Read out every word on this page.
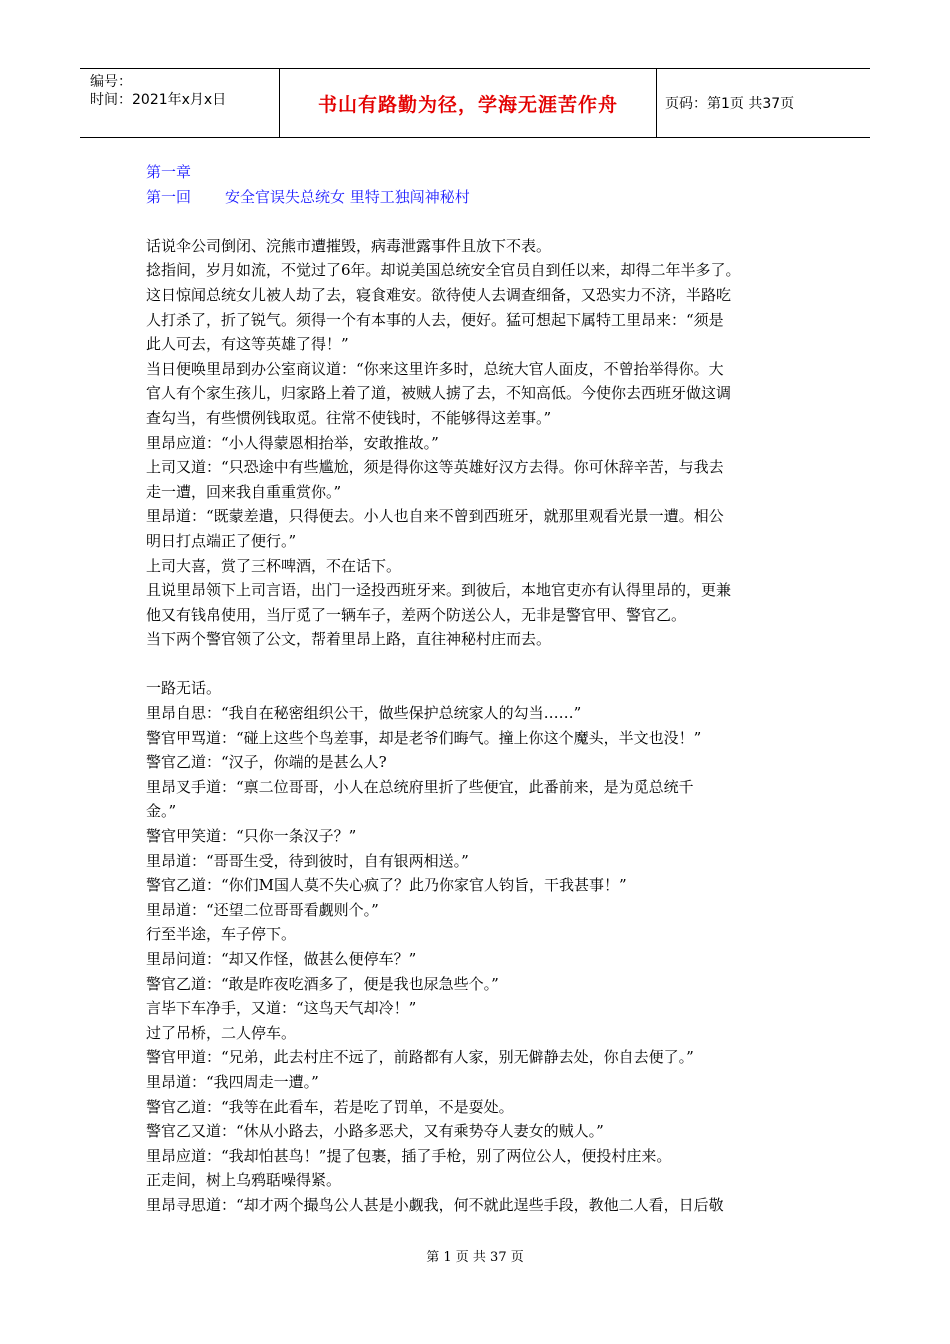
编号：
时间：2021年x月x日	书山有路勤为径，学海无涯苦作舟	页码：第1页 共37页
第一章
第一回 安全官误失总统女 里特工独闯神秘村
话说伞公司倒闭、浣熊市遭摧毁，病毒泄露事件且放下不表。
捻指间，岁月如流，不觉过了6年。却说美国总统安全官员自到任以来，却得二年半多了。
这日惊闻总统女儿被人劫了去，寝食难安。欲待使人去调查细备，又恐实力不济，半路吃
人打杀了，折了锐气。须得一个有本事的人去，便好。猛可想起下属特工里昂来：“须是
此人可去，有这等英雄了得！”
当日便唤里昂到办公室商议道：“你来这里许多时，总统大官人面皮，不曾抬举得你。大
官人有个家生孩儿，归家路上着了道，被贼人掳了去，不知高低。今使你去西班牙做这调
查勾当，有些惯例钱取觅。往常不使钱时，不能够得这差事。”
里昂应道：“小人得蒙恩相抬举，安敢推故。”
上司又道：“只恐途中有些尴尬，须是得你这等英雄好汉方去得。你可休辞辛苦，与我去
走一遭，回来我自重重赏你。”
里昂道：“既蒙差遣，只得便去。小人也自来不曾到西班牙，就那里观看光景一遭。相公
明日打点端正了便行。”
上司大喜，赏了三杯啤酒，不在话下。
且说里昂领下上司言语，出门一迳投西班牙来。到彼后，本地官吏亦有认得里昂的，更兼
他又有钱帛使用，当厅觅了一辆车子，差两个防送公人，无非是警官甲、警官乙。
当下两个警官领了公文，帮着里昂上路，直往神秘村庄而去。
一路无话。
里昂自思：“我自在秘密组织公干，做些保护总统家人的勾当……”
警官甲骂道：“碰上这些个鸟差事，却是老爷们晦气。撞上你这个魔头，半文也没！”
警官乙道：“汉子，你端的是甚么人?
里昂叉手道：“禀二位哥哥，小人在总统府里折了些便宜，此番前来，是为觅总统千
金。”
警官甲笑道：“只你一条汉子？”
里昂道：“哥哥生受，待到彼时，自有银两相送。”
警官乙道：“你们M国人莫不失心疯了？此乃你家官人钧旨，干我甚事！”
里昂道：“还望二位哥哥看觑则个。”
行至半途，车子停下。
里昂问道：“却又作怪，做甚么便停车？”
警官乙道：“敢是昨夜吃酒多了，便是我也尿急些个。”
言毕下车净手，又道：“这鸟天气却冷！”
过了吊桥，二人停车。
警官甲道：“兄弟，此去村庄不远了，前路都有人家，别无僻静去处，你自去便了。”
里昂道：“我四周走一遭。”
警官乙道：“我等在此看车，若是吃了罚单，不是耍处。
警官乙又道：“休从小路去，小路多恶犬，又有乘势夺人妻女的贼人。”
里昂应道：“我却怕甚鸟！”提了包裹，插了手枪，别了两位公人，便投村庄来。
正走间，树上乌鸦聒噪得紧。
里昂寻思道：“却才两个撮鸟公人甚是小觑我，何不就此逞些手段，教他二人看，日后敬
第 1 页 共 37 页
